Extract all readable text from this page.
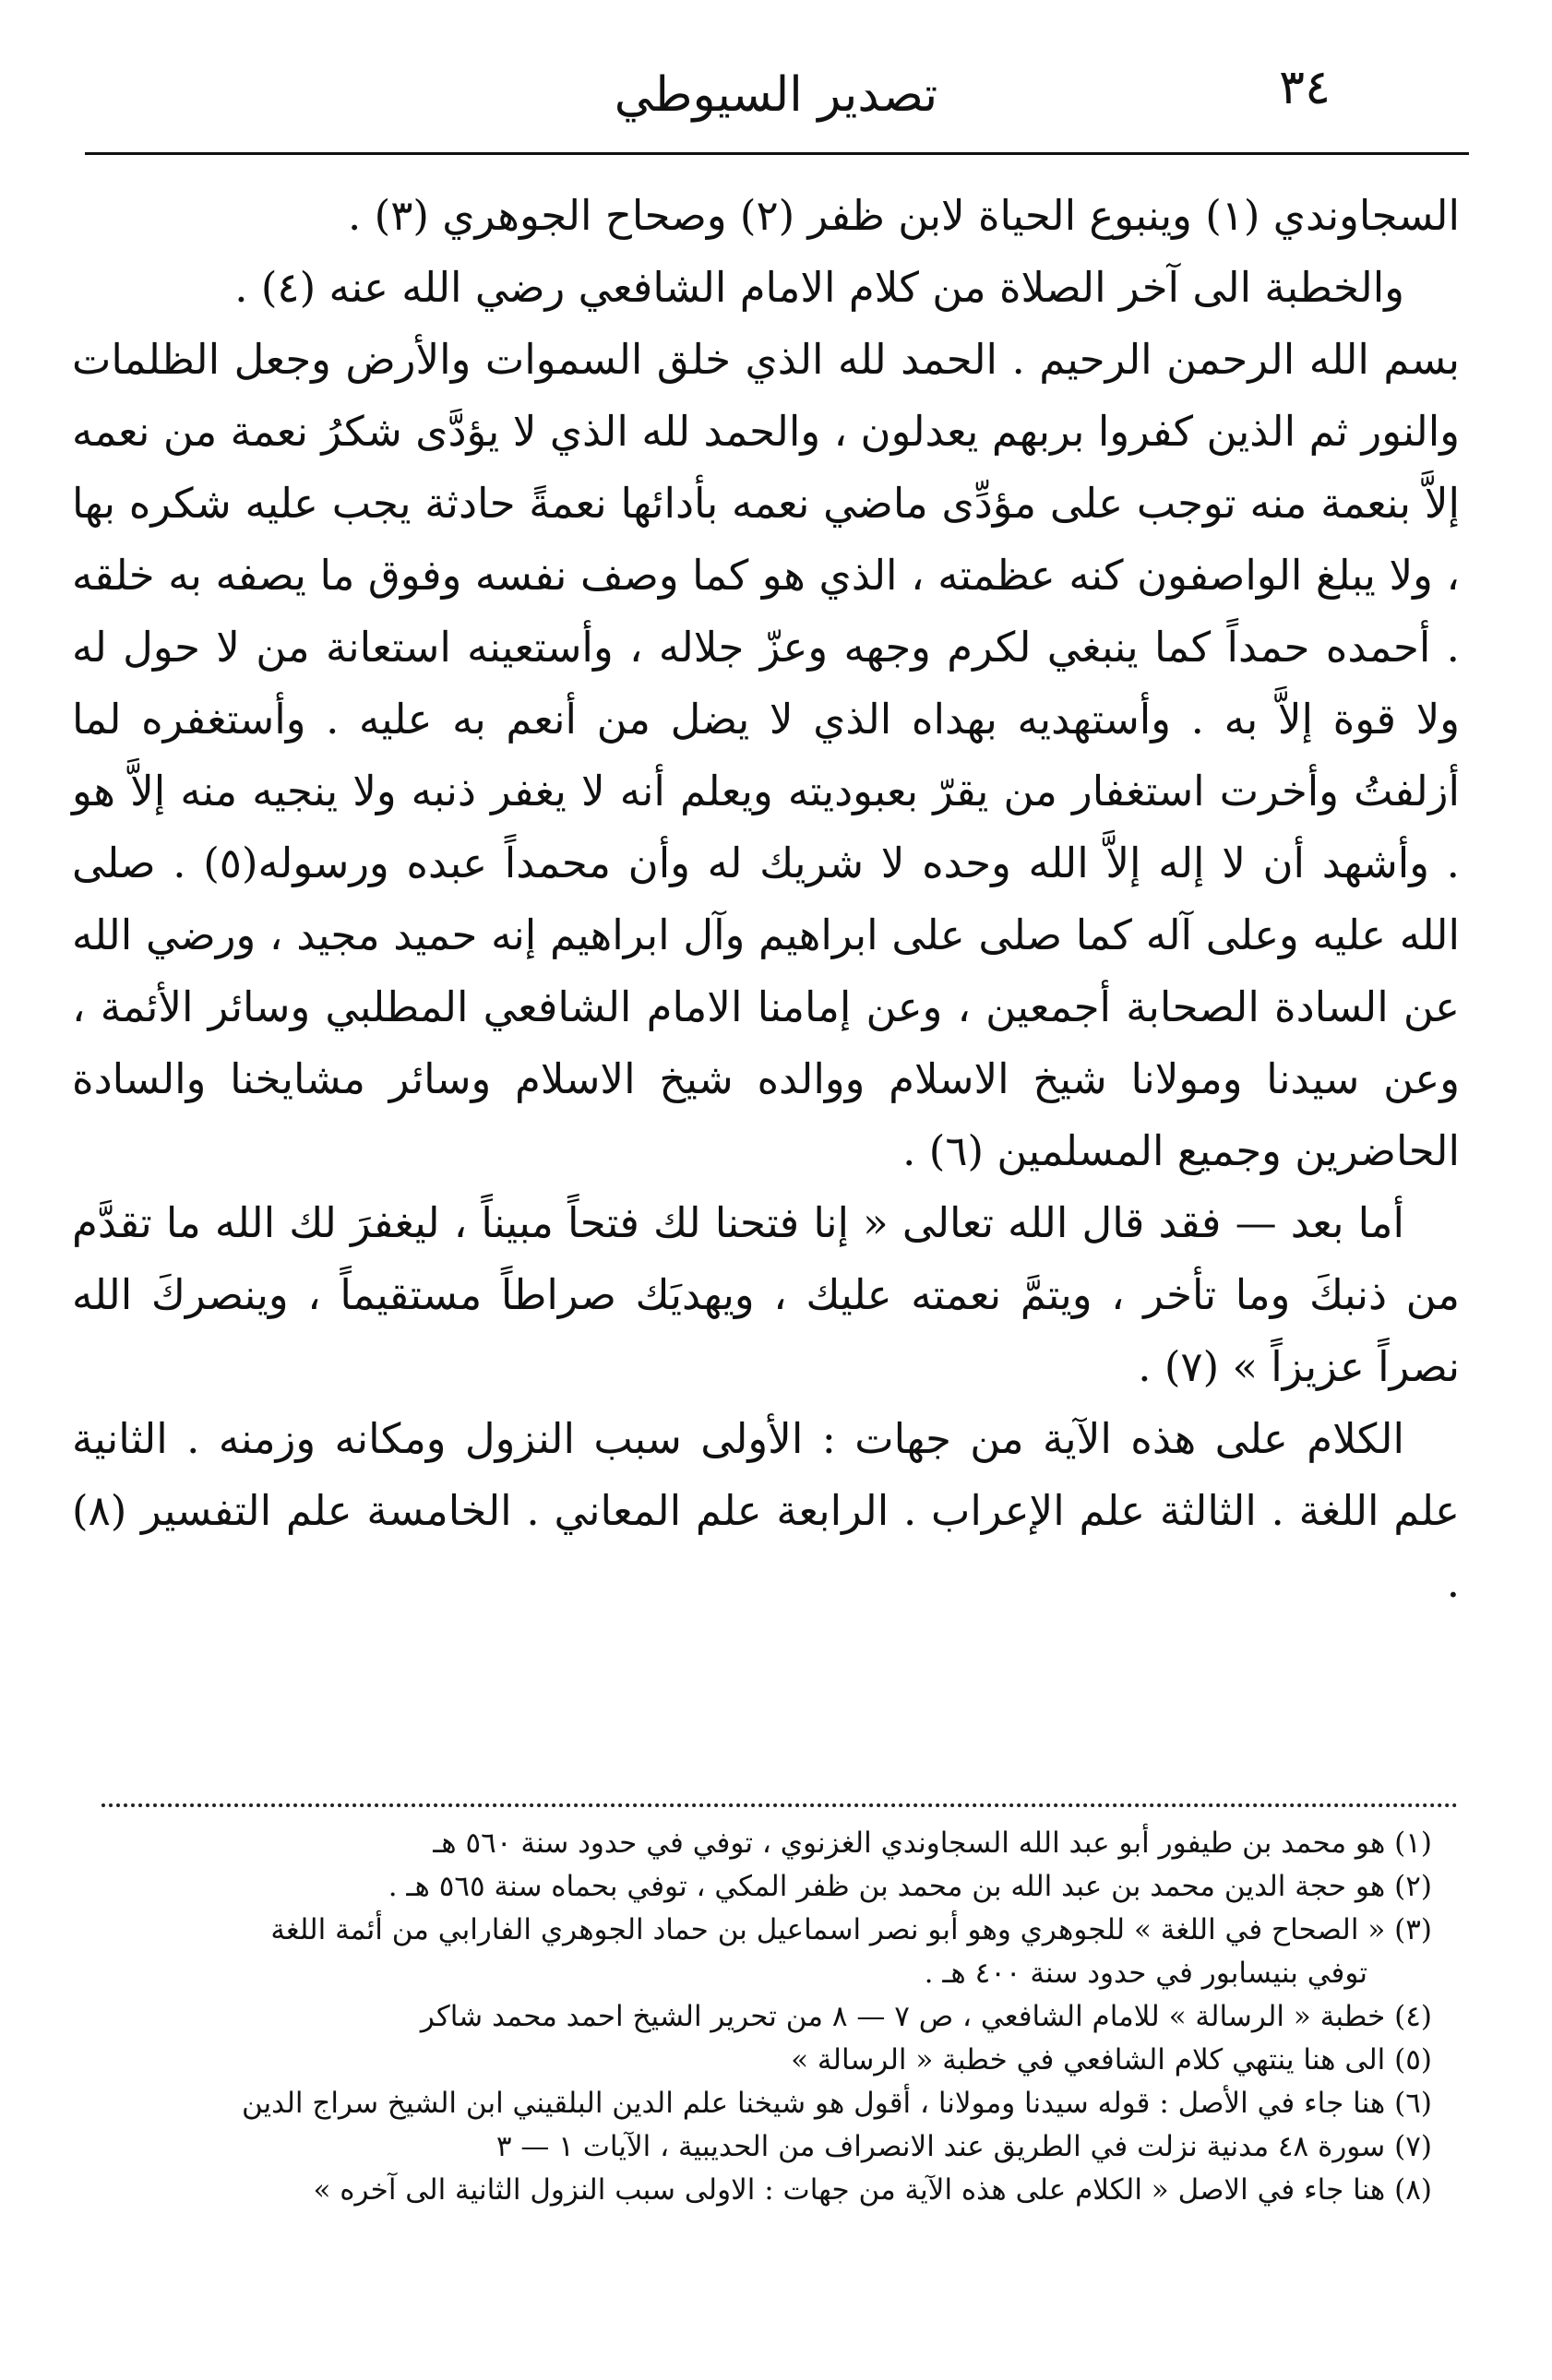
٣٤
تصدير السيوطي

السجاوندي (١) وينبوع الحياة لابن ظفر (٢) وصحاح الجوهري (٣) .

والخطبة الى آخر الصلاة من كلام الامام الشافعي رضي الله عنه (٤) .

بسم الله الرحمن الرحيم . الحمد لله الذي خلق السموات والأرض وجعل الظلمات والنور ثم الذين كفروا بربهم يعدلون ، والحمد لله الذي لا يؤدَّى شكرُ نعمة من نعمه إلاَّ بنعمة منه توجب على مؤدِّى ماضي نعمه بأدائها نعمةً حادثة يجب عليه شكره بها ، ولا يبلغ الواصفون كنه عظمته ، الذي هو كما وصف نفسه وفوق ما يصفه به خلقه . أحمده حمداً كما ينبغي لكرم وجهه وعزّ جلاله ، وأستعينه استعانة من لا حول له ولا قوة إلاَّ به . وأستهديه بهداه الذي لا يضل من أنعم به عليه . وأستغفره لما أزلفتُ وأخرت استغفار من يقرّ بعبوديته ويعلم أنه لا يغفر ذنبه ولا ينجيه منه إلاَّ هو . وأشهد أن لا إله إلاَّ الله وحده لا شريك له وأن محمداً عبده ورسوله(٥) . صلى الله عليه وعلى آله كما صلى على ابراهيم وآل ابراهيم إنه حميد مجيد ، ورضي الله عن السادة الصحابة أجمعين ، وعن إمامنا الامام الشافعي المطلبي وسائر الأئمة ، وعن سيدنا ومولانا شيخ الاسلام ووالده شيخ الاسلام وسائر مشايخنا والسادة الحاضرين وجميع المسلمين (٦) .

أما بعد — فقد قال الله تعالى « إنا فتحنا لك فتحاً مبيناً ، ليغفرَ لك الله ما تقدَّم من ذنبكَ وما تأخر ، ويتمَّ نعمته عليك ، ويهديَك صراطاً مستقيماً ، وينصركَ الله نصراً عزيزاً » (٧) .

الكلام على هذه الآية من جهات : الأولى سبب النزول ومكانه وزمنه . الثانية علم اللغة . الثالثة علم الإعراب . الرابعة علم المعاني . الخامسة علم التفسير (٨) .

(١) هو محمد بن طيفور أبو عبد الله السجاوندي الغزنوي ، توفي في حدود سنة ٥٦٠ هـ

(٢) هو حجة الدين محمد بن عبد الله بن محمد بن ظفر المكي ، توفي بحماه سنة ٥٦٥ هـ .

(٣) « الصحاح في اللغة » للجوهري وهو أبو نصر اسماعيل بن حماد الجوهري الفارابي من أئمة اللغة

توفي بنيسابور في حدود سنة ٤٠٠ هـ .

(٤) خطبة « الرسالة » للامام الشافعي ، ص ٧ — ٨ من تحرير الشيخ احمد محمد شاكر

(٥) الى هنا ينتهي كلام الشافعي في خطبة « الرسالة »

(٦) هنا جاء في الأصل : قوله سيدنا ومولانا ، أقول هو شيخنا علم الدين البلقيني ابن الشيخ سراج الدين

(٧) سورة ٤٨ مدنية نزلت في الطريق عند الانصراف من الحديبية ، الآيات ١ — ٣

(٨) هنا جاء في الاصل « الكلام على هذه الآية من جهات : الاولى سبب النزول الثانية الى آخره »
